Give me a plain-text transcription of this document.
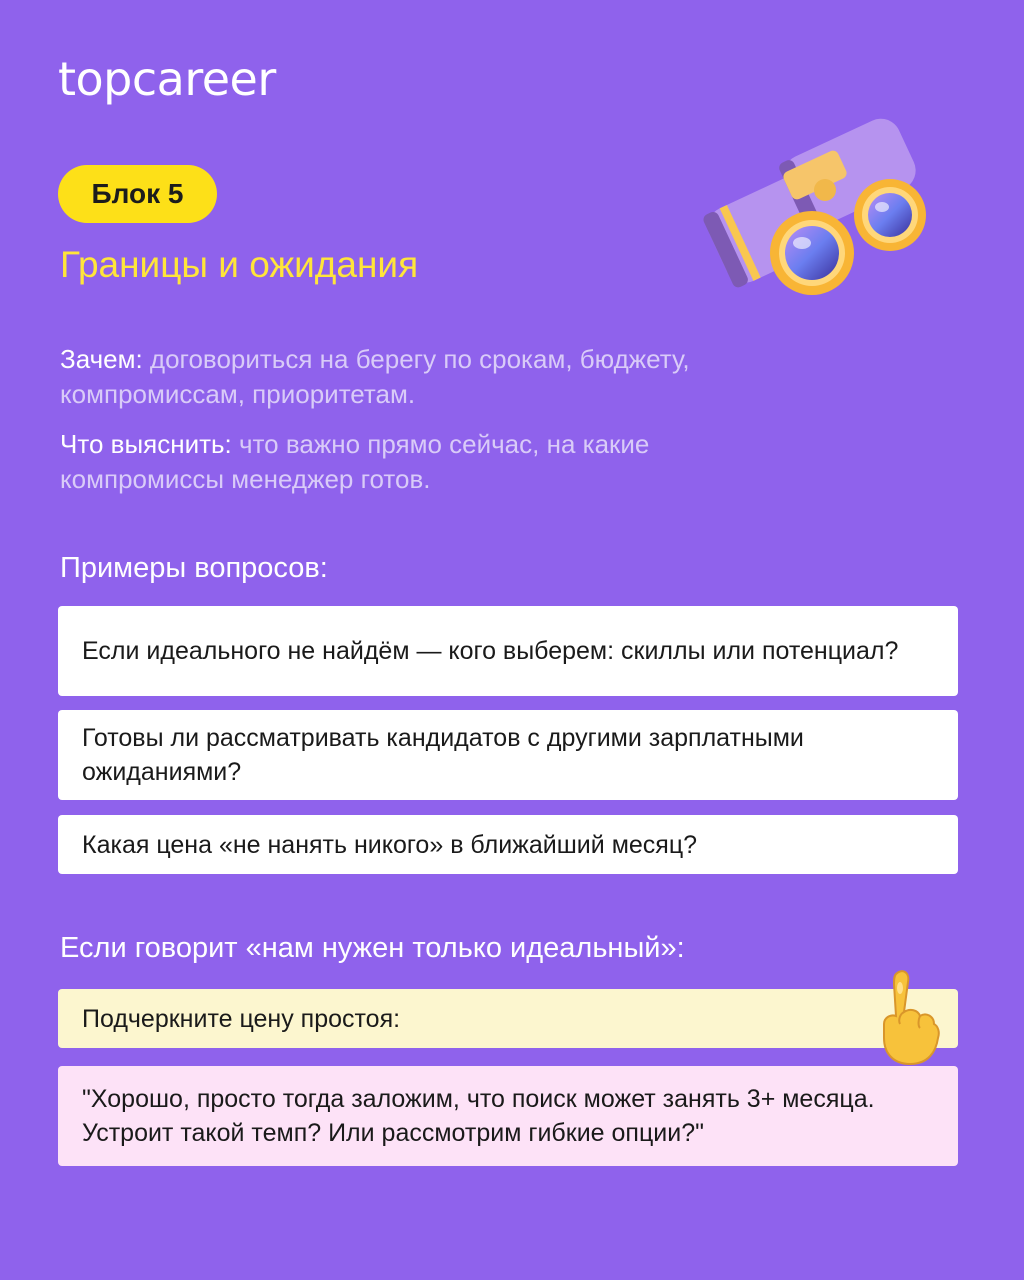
topcareer
Блок 5
Границы и ожидания
Зачем: договориться на берегу по срокам, бюджету, компромиссам, приоритетам.
Что выяснить: что важно прямо сейчас, на какие компромиссы менеджер готов.
Примеры вопросов:
Если идеального не найдём — кого выберем: скиллы или потенциал?
Готовы ли рассматривать кандидатов с другими зарплатными ожиданиями?
Какая цена «не нанять никого» в ближайший месяц?
Если говорит «нам нужен только идеальный»:
Подчеркните цену простоя:
"Хорошо, просто тогда заложим, что поиск может занять 3+ месяца. Устроит такой темп? Или рассмотрим гибкие опции?"
